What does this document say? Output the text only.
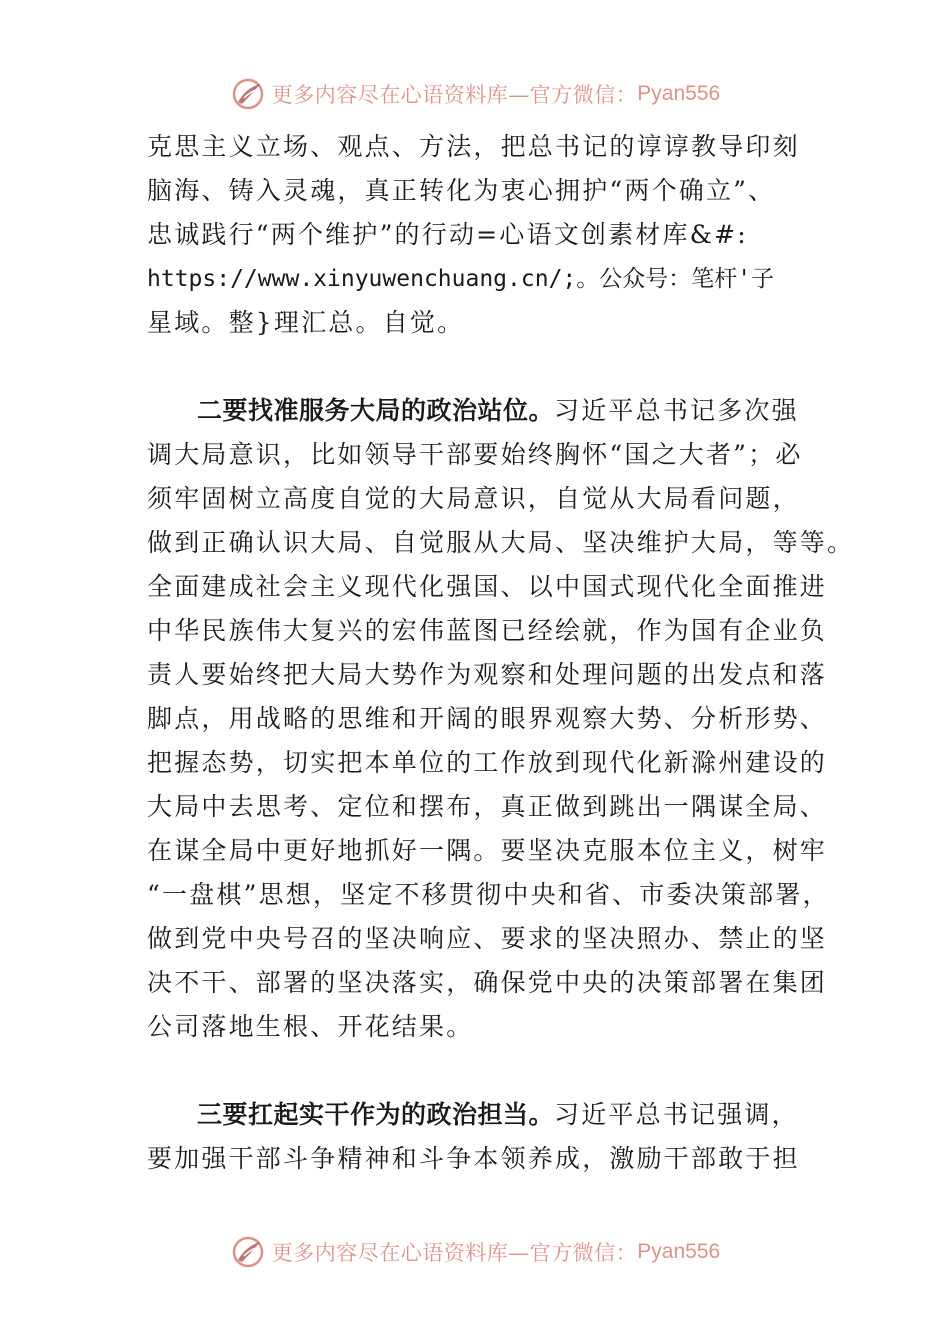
更多内容尽在心语资料库—官方微信： Pyan556
克思主义立场、观点、方法，把总书记的谆谆教导印刻
脑海、铸入灵魂，真正转化为衷心拥护“两个确立”、
忠诚践行“两个维护”的行动=心语文创素材库&#:
https://www.xinyuwenchuang.cn/;。公众号：笔杆'子
星域。整}理汇总。自觉。
二要找准服务大局的政治站位。习近平总书记多次强
调大局意识，比如领导干部要始终胸怀“国之大者”；必
须牢固树立高度自觉的大局意识，自觉从大局看问题，
做到正确认识大局、自觉服从大局、坚决维护大局，等等。
全面建成社会主义现代化强国、以中国式现代化全面推进
中华民族伟大复兴的宏伟蓝图已经绘就，作为国有企业负
责人要始终把大局大势作为观察和处理问题的出发点和落
脚点，用战略的思维和开阔的眼界观察大势、分析形势、
把握态势，切实把本单位的工作放到现代化新滁州建设的
大局中去思考、定位和摆布，真正做到跳出一隅谋全局、
在谋全局中更好地抓好一隅。要坚决克服本位主义，树牢
“一盘棋”思想，坚定不移贯彻中央和省、市委决策部署，
做到党中央号召的坚决响应、要求的坚决照办、禁止的坚
决不干、部署的坚决落实，确保党中央的决策部署在集团
公司落地生根、开花结果。
三要扛起实干作为的政治担当。习近平总书记强调，
要加强干部斗争精神和斗争本领养成，激励干部敢于担
更多内容尽在心语资料库—官方微信： Pyan556
